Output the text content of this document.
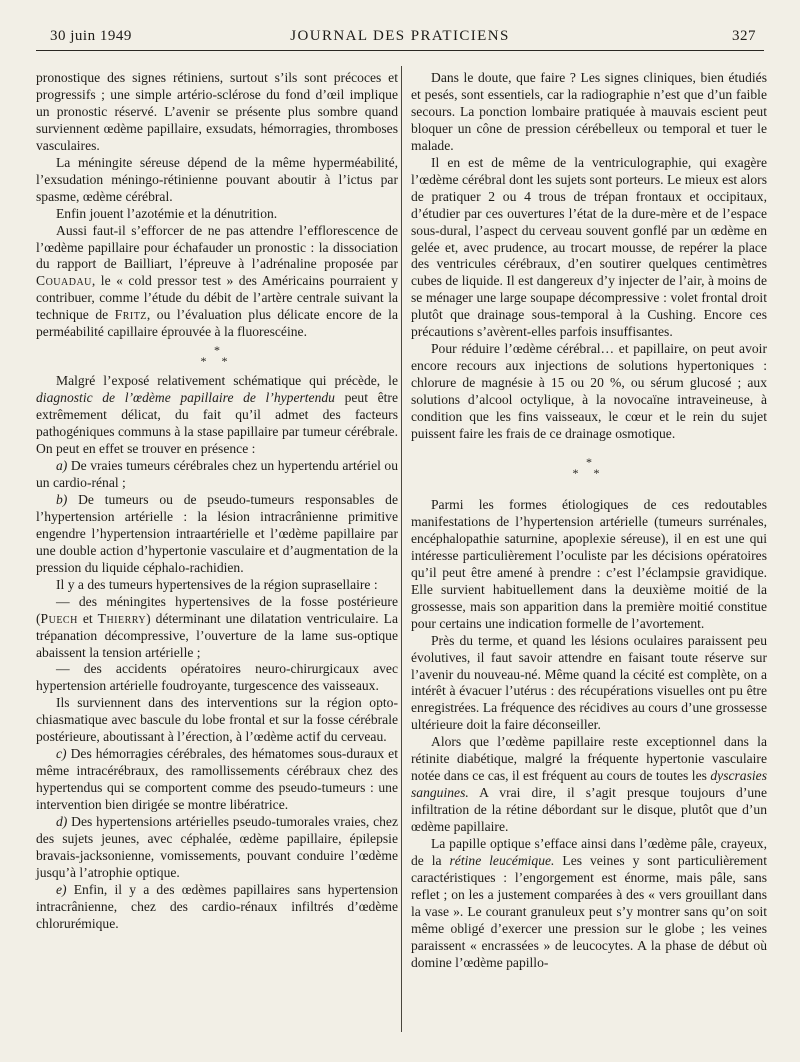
30 juin 1949	JOURNAL DES PRATICIENS	327

pronostique des signes rétiniens, surtout s’ils sont précoces et progressifs ; une simple artério-sclérose du fond d’œil implique un pronostic réservé. L’avenir se présente plus sombre quand surviennent œdème papillaire, exsudats, hémorragies, thromboses vasculaires.

La méningite séreuse dépend de la même hyperméabilité, l’exsudation méningo-rétinienne pouvant aboutir à l’ictus par spasme, œdème cérébral.

Enfin jouent l’azotémie et la dénutrition.

Aussi faut-il s’efforcer de ne pas attendre l’efflorescence de l’œdème papillaire pour échafauder un pronostic : la dissociation du rapport de Bailliart, l’épreuve à l’adrénaline proposée par Couadau, le « cold pressor test » des Américains pourraient y contribuer, comme l’étude du débit de l’artère centrale suivant la technique de Fritz, ou l’évaluation plus délicate encore de la perméabilité capillaire éprouvée à la fluorescéine.

*
* *

Malgré l’exposé relativement schématique qui précède, le diagnostic de l’œdème papillaire de l’hypertendu peut être extrêmement délicat, du fait qu’il admet des facteurs pathogéniques communs à la stase papillaire par tumeur cérébrale. On peut en effet se trouver en présence :

a) De vraies tumeurs cérébrales chez un hypertendu artériel ou un cardio-rénal ;

b) De tumeurs ou de pseudo-tumeurs responsables de l’hypertension artérielle : la lésion intracrânienne primitive engendre l’hypertension intraartérielle et l’œdème papillaire par une double action d’hypertonie vasculaire et d’augmentation de la pression du liquide céphalo-rachidien.

Il y a des tumeurs hypertensives de la région suprasellaire :

— des méningites hypertensives de la fosse postérieure (Puech et Thierry) déterminant une dilatation ventriculaire. La trépanation décompressive, l’ouverture de la lame sus-optique abaissent la tension artérielle ;

— des accidents opératoires neuro-chirurgicaux avec hypertension artérielle foudroyante, turgescence des vaisseaux.

Ils surviennent dans des interventions sur la région opto-chiasmatique avec bascule du lobe frontal et sur la fosse cérébrale postérieure, aboutissant à l’érection, à l’œdème actif du cerveau.

c) Des hémorragies cérébrales, des hématomes sous-duraux et même intracérébraux, des ramollissements cérébraux chez des hypertendus qui se comportent comme des pseudo-tumeurs : une intervention bien dirigée se montre libératrice.

d) Des hypertensions artérielles pseudo-tumorales vraies, chez des sujets jeunes, avec céphalée, œdème papillaire, épilepsie bravais-jacksonienne, vomissements, pouvant conduire l’œdème jusqu’à l’atrophie optique.

e) Enfin, il y a des œdèmes papillaires sans hypertension intracrânienne, chez des cardio-rénaux infiltrés d’œdème chlorurémique.

Dans le doute, que faire ? Les signes cliniques, bien étudiés et pesés, sont essentiels, car la radiographie n’est que d’un faible secours. La ponction lombaire pratiquée à mauvais escient peut bloquer un cône de pression cérébelleux ou temporal et tuer le malade.

Il en est de même de la ventriculographie, qui exagère l’œdème cérébral dont les sujets sont porteurs. Le mieux est alors de pratiquer 2 ou 4 trous de trépan frontaux et occipitaux, d’étudier par ces ouvertures l’état de la dure-mère et de l’espace sous-dural, l’aspect du cerveau souvent gonflé par un œdème en gelée et, avec prudence, au trocart mousse, de repérer la place des ventricules cérébraux, d’en soutirer quelques centimètres cubes de liquide. Il est dangereux d’y injecter de l’air, à moins de se ménager une large soupape décompressive : volet frontal droit plutôt que drainage sous-temporal à la Cushing. Encore ces précautions s’avèrent-elles parfois insuffisantes.

Pour réduire l’œdème cérébral… et papillaire, on peut avoir encore recours aux injections de solutions hypertoniques : chlorure de magnésie à 15 ou 20 %, ou sérum glucosé ; aux solutions d’alcool octylique, à la novocaïne intraveineuse, à condition que les fins vaisseaux, le cœur et le rein du sujet puissent faire les frais de ce drainage osmotique.

*
* *

Parmi les formes étiologiques de ces redoutables manifestations de l’hypertension artérielle (tumeurs surrénales, encéphalopathie saturnine, apoplexie séreuse), il en est une qui intéresse particulièrement l’oculiste par les décisions opératoires qu’il peut être amené à prendre : c’est l’éclampsie gravidique. Elle survient habituellement dans la deuxième moitié de la grossesse, mais son apparition dans la première moitié constitue pour certains une indication formelle de l’avortement.

Près du terme, et quand les lésions oculaires paraissent peu évolutives, il faut savoir attendre en faisant toute réserve sur l’avenir du nouveau-né. Même quand la cécité est complète, on a intérêt à évacuer l’utérus : des récupérations visuelles ont pu être enregistrées. La fréquence des récidives au cours d’une grossesse ultérieure doit la faire déconseiller.

Alors que l’œdème papillaire reste exceptionnel dans la rétinite diabétique, malgré la fréquente hypertonie vasculaire notée dans ce cas, il est fréquent au cours de toutes les dyscrasies sanguines. A vrai dire, il s’agit presque toujours d’une infiltration de la rétine débordant sur le disque, plutôt que d’un œdème papillaire.

La papille optique s’efface ainsi dans l’œdème pâle, crayeux, de la rétine leucémique. Les veines y sont particulièrement caractéristiques : l’engorgement est énorme, mais pâle, sans reflet ; on les a justement comparées à des « vers grouillant dans la vase ». Le courant granuleux peut s’y montrer sans qu’on soit même obligé d’exercer une pression sur le globe ; les veines paraissent « encrassées » de leucocytes. A la phase de début où domine l’œdème papillo-
